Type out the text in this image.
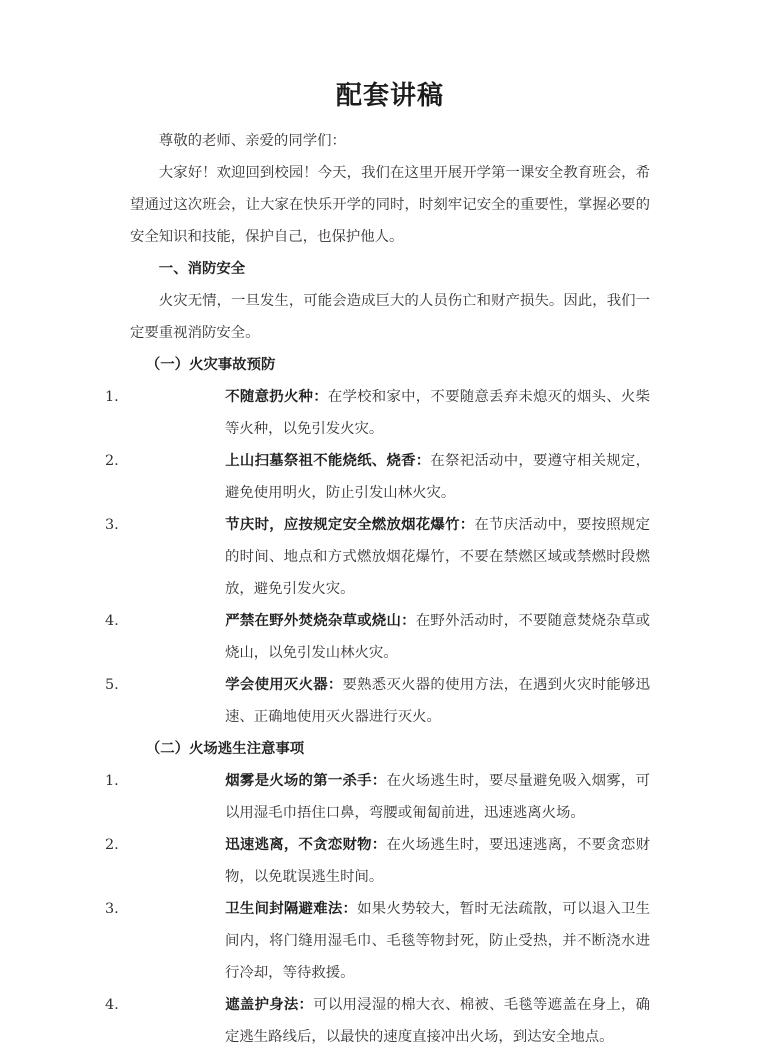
配套讲稿

尊敬的老师、亲爱的同学们：

大家好！欢迎回到校园！今天，我们在这里开展开学第一课安全教育班会，希望通过这次班会，让大家在快乐开学的同时，时刻牢记安全的重要性，掌握必要的安全知识和技能，保护自己，也保护他人。

一、消防安全

火灾无情，一旦发生，可能会造成巨大的人员伤亡和财产损失。因此，我们一定要重视消防安全。

（一）火灾事故预防
1.	不随意扔火种：在学校和家中，不要随意丢弃未熄灭的烟头、火柴等火种，以免引发火灾。
2.	上山扫墓祭祖不能烧纸、烧香：在祭祀活动中，要遵守相关规定，避免使用明火，防止引发山林火灾。
3.	节庆时，应按规定安全燃放烟花爆竹：在节庆活动中，要按照规定的时间、地点和方式燃放烟花爆竹，不要在禁燃区域或禁燃时段燃放，避免引发火灾。
4.	严禁在野外焚烧杂草或烧山：在野外活动时，不要随意焚烧杂草或烧山，以免引发山林火灾。
5.	学会使用灭火器：要熟悉灭火器的使用方法，在遇到火灾时能够迅速、正确地使用灭火器进行灭火。
（二）火场逃生注意事项
1.	烟雾是火场的第一杀手：在火场逃生时，要尽量避免吸入烟雾，可以用湿毛巾捂住口鼻，弯腰或匍匐前进，迅速逃离火场。
2.	迅速逃离，不贪恋财物：在火场逃生时，要迅速逃离，不要贪恋财物，以免耽误逃生时间。
3.	卫生间封隔避难法：如果火势较大，暂时无法疏散，可以退入卫生间内，将门缝用湿毛巾、毛毯等物封死，防止受热，并不断浇水进行冷却，等待救援。
4.	遮盖护身法：可以用浸湿的棉大衣、棉被、毛毯等遮盖在身上，确定逃生路线后，以最快的速度直接冲出火场，到达安全地点。
